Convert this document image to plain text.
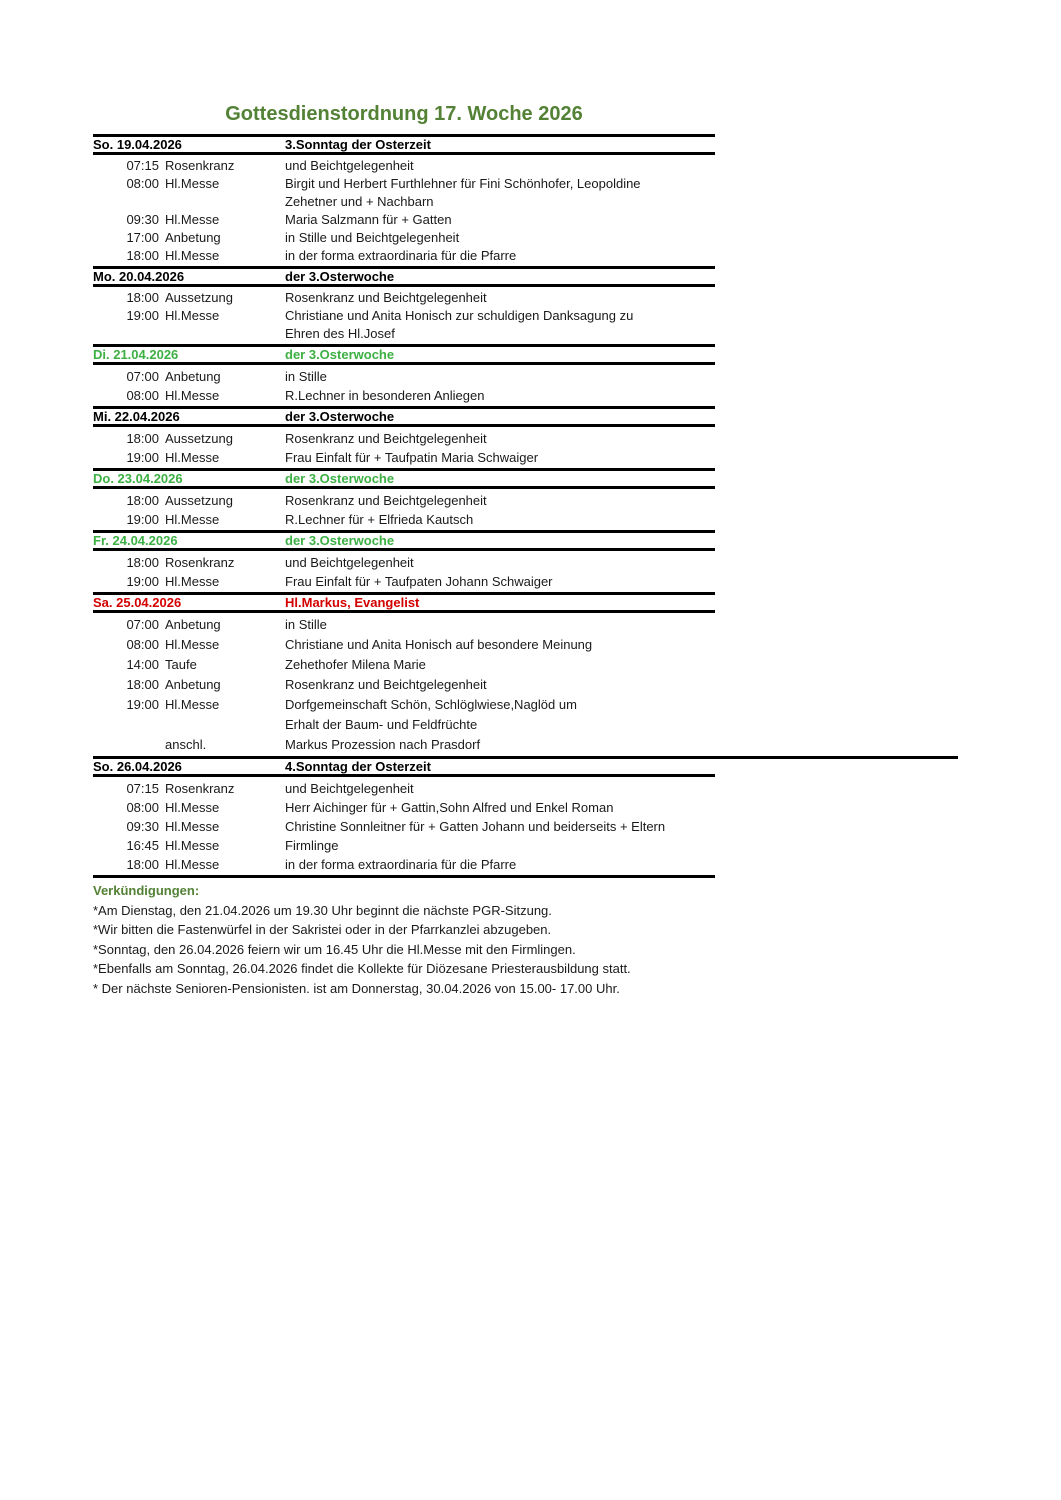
Gottesdienstordnung 17. Woche 2026
So. 19.04.2026	3.Sonntag der Osterzeit
07:15 Rosenkranz	und Beichtgelegenheit
08:00 Hl.Messe	Birgit und Herbert Furthlehner für Fini Schönhofer, Leopoldine
Zehetner und + Nachbarn
09:30 Hl.Messe	Maria Salzmann für + Gatten
17:00 Anbetung	in Stille und Beichtgelegenheit
18:00 Hl.Messe	in der forma extraordinaria für die Pfarre
Mo. 20.04.2026	der 3.Osterwoche
18:00 Aussetzung	Rosenkranz und Beichtgelegenheit
19:00 Hl.Messe	Christiane und Anita Honisch zur schuldigen Danksagung zu
Ehren des Hl.Josef
Di. 21.04.2026	der 3.Osterwoche
07:00 Anbetung	in Stille
08:00 Hl.Messe	R.Lechner in besonderen Anliegen
Mi. 22.04.2026	der 3.Osterwoche
18:00 Aussetzung	Rosenkranz und Beichtgelegenheit
19:00 Hl.Messe	Frau Einfalt für + Taufpatin Maria Schwaiger
Do. 23.04.2026	der 3.Osterwoche
18:00 Aussetzung	Rosenkranz und Beichtgelegenheit
19:00 Hl.Messe	R.Lechner für + Elfrieda Kautsch
Fr. 24.04.2026	der 3.Osterwoche
18:00 Rosenkranz	und Beichtgelegenheit
19:00 Hl.Messe	Frau Einfalt für + Taufpaten Johann Schwaiger
Sa. 25.04.2026	Hl.Markus, Evangelist
07:00 Anbetung	in Stille
08:00 Hl.Messe	Christiane und Anita Honisch auf besondere Meinung
14:00 Taufe	Zehethofer Milena Marie
18:00 Anbetung	Rosenkranz und Beichtgelegenheit
19:00 Hl.Messe	Dorfgemeinschaft Schön, Schlöglwiese,Naglöd um
Erhalt der Baum- und Feldfrüchte
anschl.	Markus Prozession nach Prasdorf
So. 26.04.2026	4.Sonntag der Osterzeit
07:15 Rosenkranz	und Beichtgelegenheit
08:00 Hl.Messe	Herr Aichinger für + Gattin,Sohn Alfred und Enkel Roman
09:30 Hl.Messe	Christine Sonnleitner für + Gatten Johann und beiderseits + Eltern
16:45 Hl.Messe	Firmlinge
18:00 Hl.Messe	in der forma extraordinaria für die Pfarre
Verkündigungen:
*Am Dienstag, den 21.04.2026 um 19.30 Uhr beginnt die nächste PGR-Sitzung.
*Wir bitten die Fastenwürfel in der Sakristei oder in der Pfarrkanzlei abzugeben.
*Sonntag, den 26.04.2026 feiern wir um 16.45 Uhr die Hl.Messe mit den Firmlingen.
*Ebenfalls am Sonntag, 26.04.2026 findet die Kollekte für Diözesane Priesterausbildung statt.
* Der nächste Senioren-Pensionisten. ist am Donnerstag, 30.04.2026 von 15.00- 17.00 Uhr.
